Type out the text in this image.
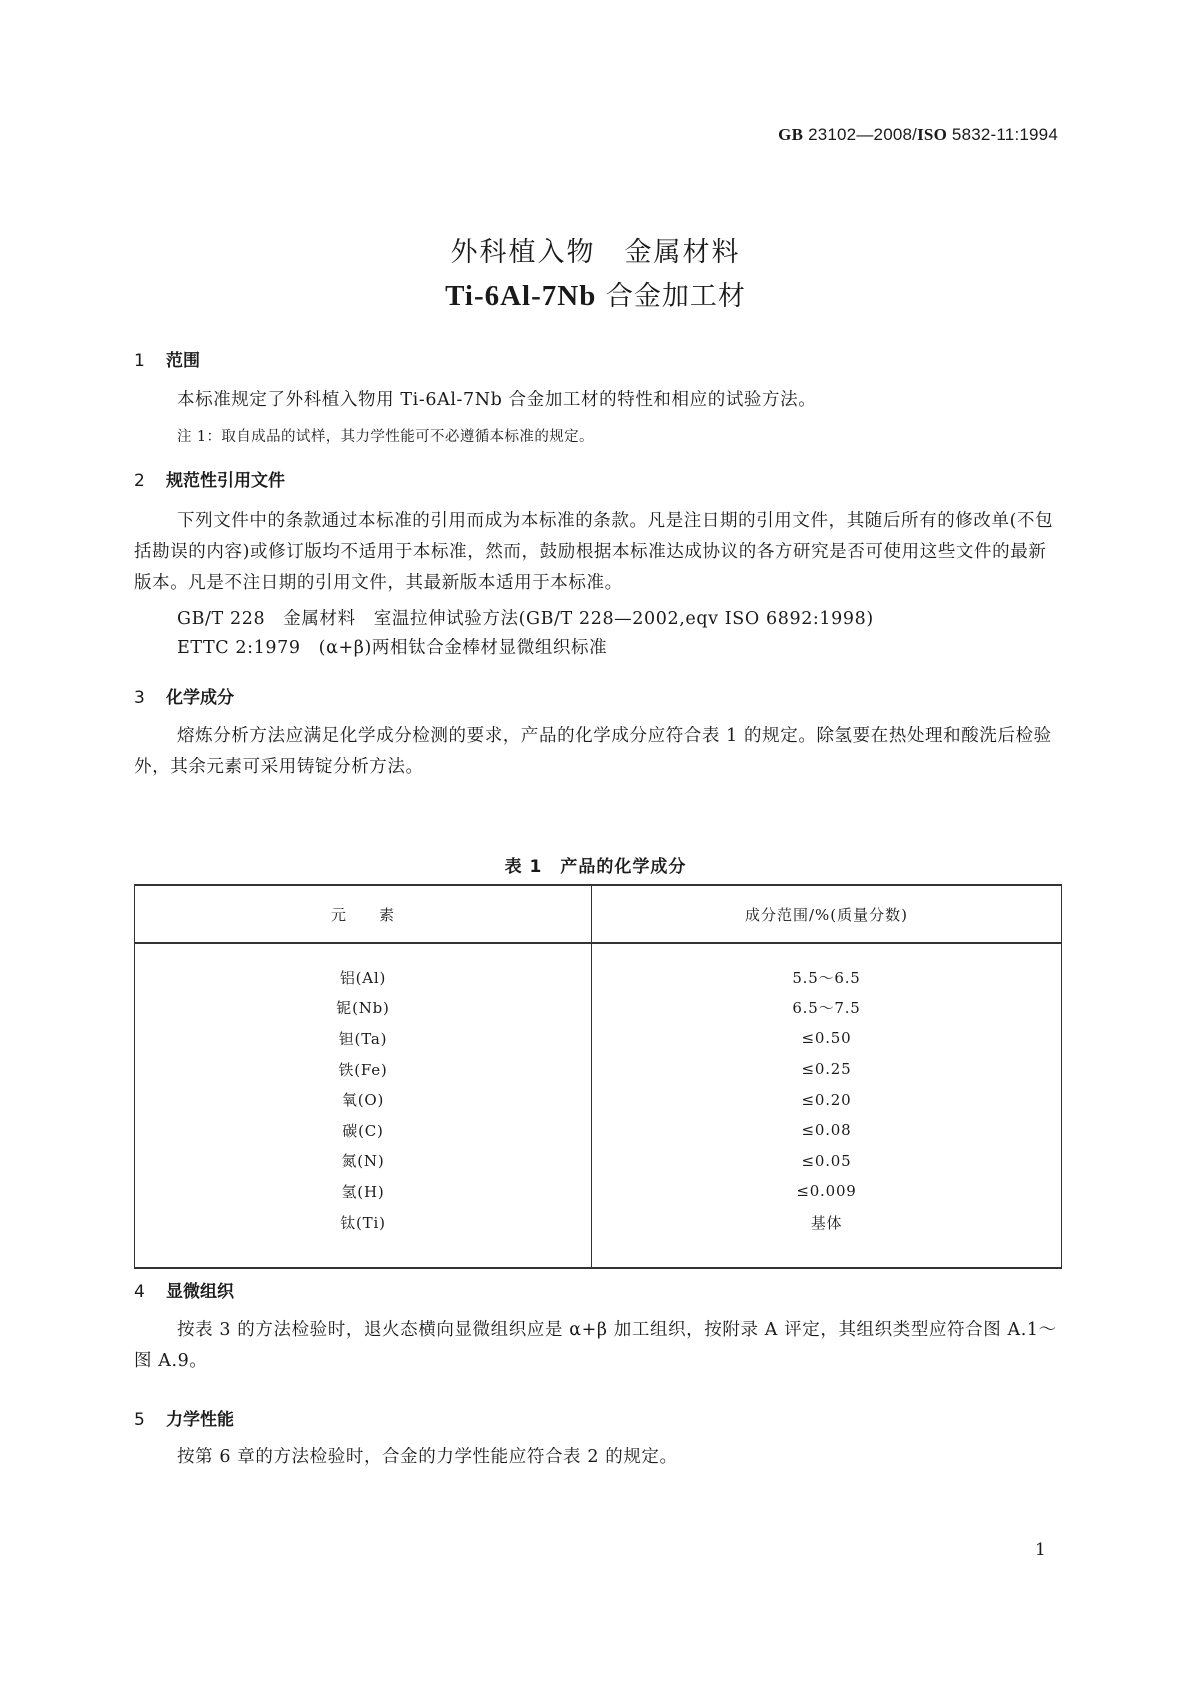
GB 23102—2008/ISO 5832-11:1994
外科植入物　金属材料
Ti-6Al-7Nb 合金加工材
1 范围
本标准规定了外科植入物用 Ti-6Al-7Nb 合金加工材的特性和相应的试验方法。
注 1：取自成品的试样，其力学性能可不必遵循本标准的规定。
2 规范性引用文件
下列文件中的条款通过本标准的引用而成为本标准的条款。凡是注日期的引用文件，其随后所有的修改单(不包括勘误的内容)或修订版均不适用于本标准，然而，鼓励根据本标准达成协议的各方研究是否可使用这些文件的最新版本。凡是不注日期的引用文件，其最新版本适用于本标准。
GB/T 228　金属材料　室温拉伸试验方法(GB/T 228—2002,eqv ISO 6892:1998)
ETTC 2:1979　(α+β)两相钛合金棒材显微组织标准
3 化学成分
熔炼分析方法应满足化学成分检测的要求，产品的化学成分应符合表 1 的规定。除氢要在热处理和酸洗后检验外，其余元素可采用铸锭分析方法。
表 1　产品的化学成分
元　　素	成分范围/%(质量分数)

铝(Al)	5.5～6.5
铌(Nb)	6.5～7.5
钽(Ta)	≤0.50
铁(Fe)	≤0.25
氧(O)	≤0.20
碳(C)	≤0.08
氮(N)	≤0.05
氢(H)	≤0.009
钛(Ti)	基体

4 显微组织
按表 3 的方法检验时，退火态横向显微组织应是 α+β 加工组织，按附录 A 评定，其组织类型应符合图 A.1～图 A.9。
5 力学性能
按第 6 章的方法检验时，合金的力学性能应符合表 2 的规定。
1
